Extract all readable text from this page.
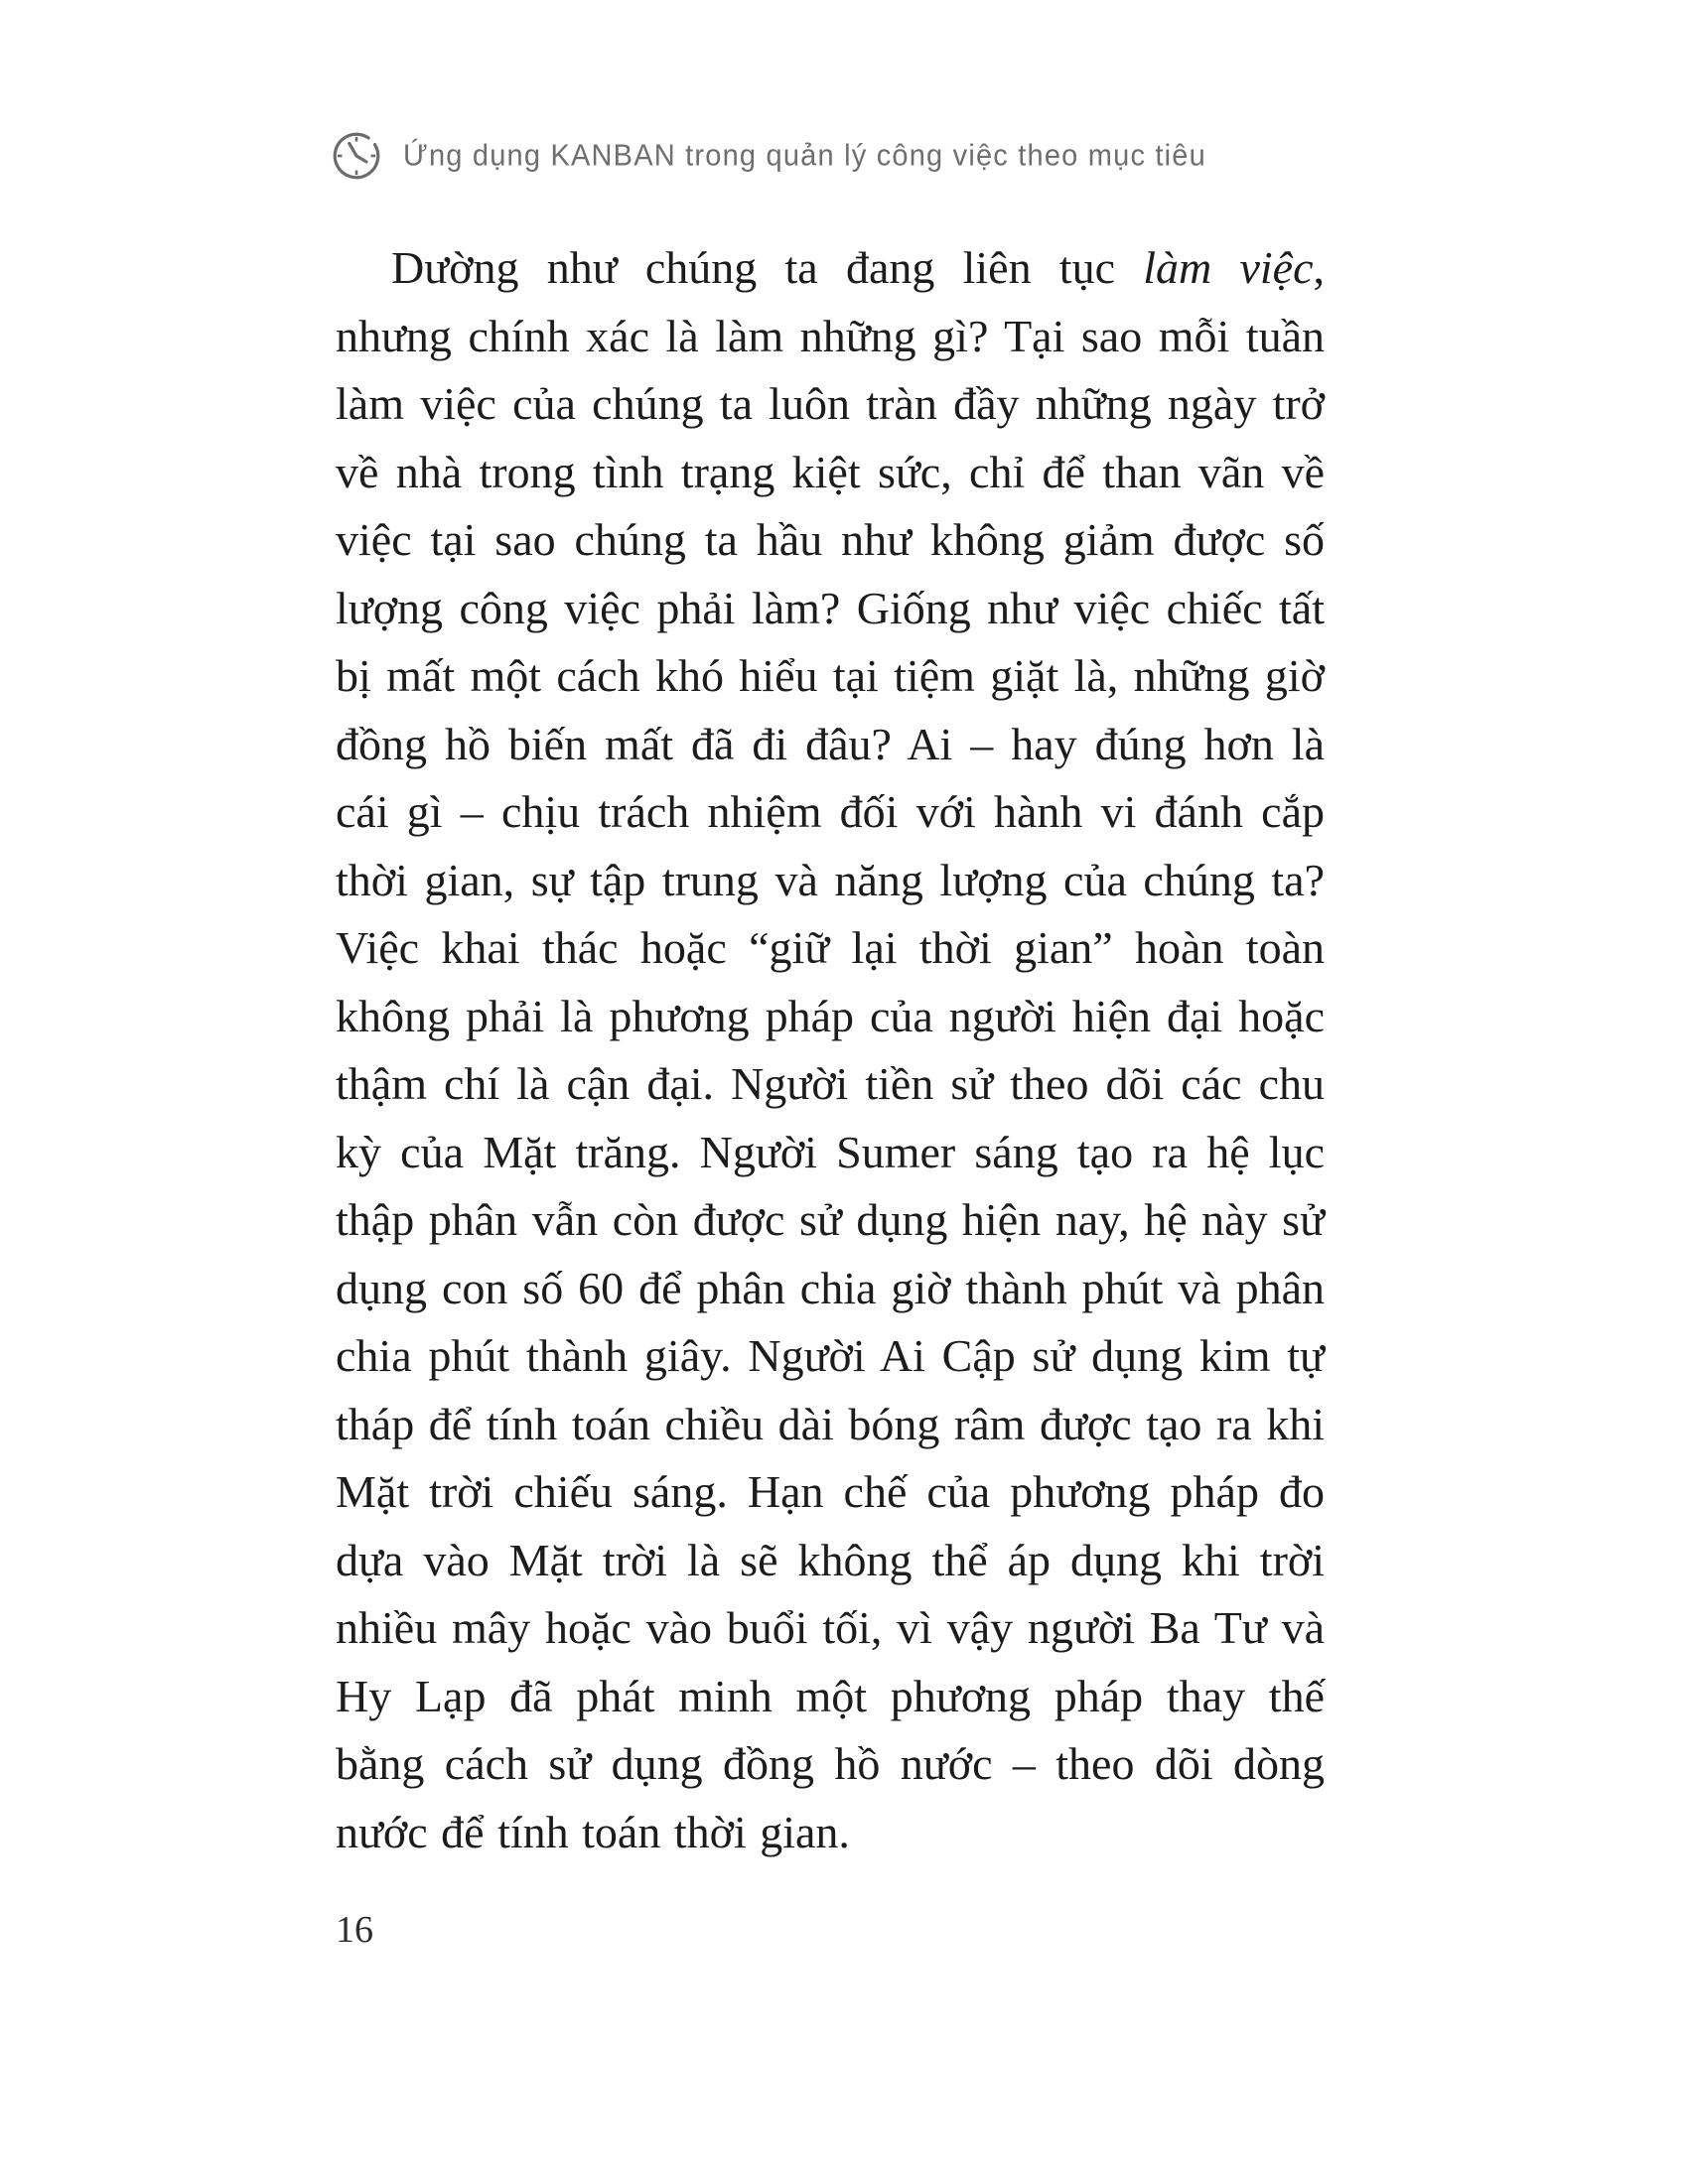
Ứng dụng KANBAN trong quản lý công việc theo mục tiêu

Dường như chúng ta đang liên tục làm việc, nhưng chính xác là làm những gì? Tại sao mỗi tuần làm việc của chúng ta luôn tràn đầy những ngày trở về nhà trong tình trạng kiệt sức, chỉ để than vãn về việc tại sao chúng ta hầu như không giảm được số lượng công việc phải làm? Giống như việc chiếc tất bị mất một cách khó hiểu tại tiệm giặt là, những giờ đồng hồ biến mất đã đi đâu? Ai – hay đúng hơn là cái gì – chịu trách nhiệm đối với hành vi đánh cắp thời gian, sự tập trung và năng lượng của chúng ta? Việc khai thác hoặc “giữ lại thời gian” hoàn toàn không phải là phương pháp của người hiện đại hoặc thậm chí là cận đại. Người tiền sử theo dõi các chu kỳ của Mặt trăng. Người Sumer sáng tạo ra hệ lục thập phân vẫn còn được sử dụng hiện nay, hệ này sử dụng con số 60 để phân chia giờ thành phút và phân chia phút thành giây. Người Ai Cập sử dụng kim tự tháp để tính toán chiều dài bóng râm được tạo ra khi Mặt trời chiếu sáng. Hạn chế của phương pháp đo dựa vào Mặt trời là sẽ không thể áp dụng khi trời nhiều mây hoặc vào buổi tối, vì vậy người Ba Tư và Hy Lạp đã phát minh một phương pháp thay thế bằng cách sử dụng đồng hồ nước – theo dõi dòng nước để tính toán thời gian.

16
